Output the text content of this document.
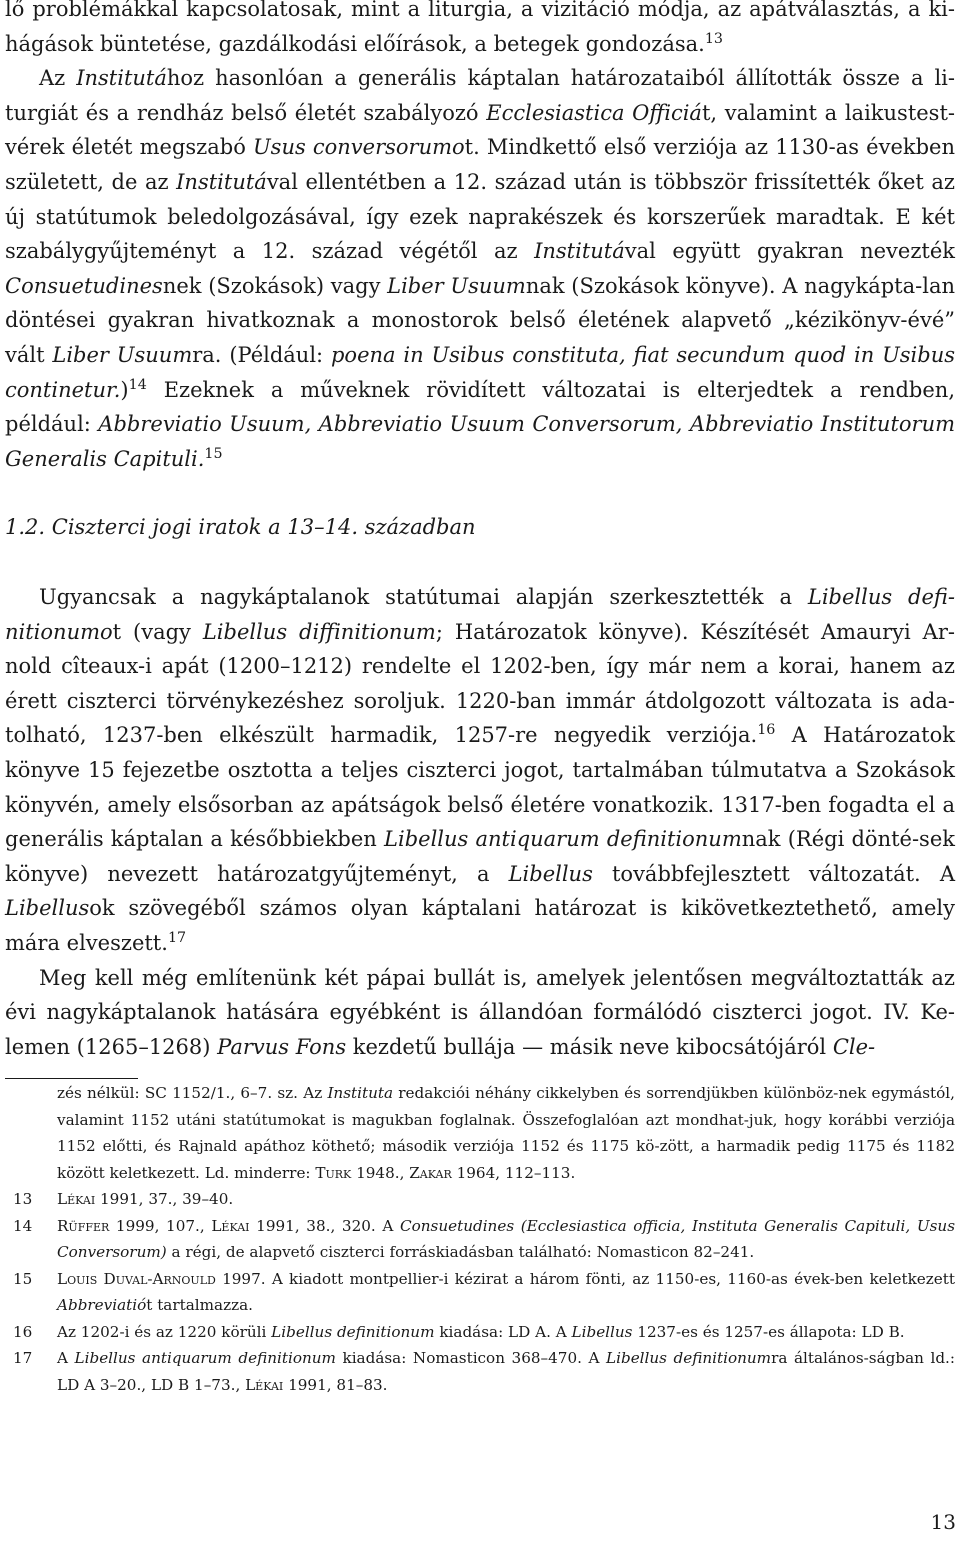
lő problémákkal kapcsolatosak, mint a liturgia, a vizitáció módja, az apátválasztás, a ki-hágások büntetése, gazdálkodási előírások, a betegek gondozása.$^{13}$

Az Institutához hasonlóan a generális káptalan határozataiból állították össze a li-turgiát és a rendház belső életét szabályozó Ecclesiastica Officiát, valamint a laikustest-vérek életét megszabó Usus conversorumot. Mindkettő első verziója az 1130-as években született, de az Institutával ellentétben a 12. század után is többször frissítették őket az új statútumok beledolgozásával, így ezek naprakészek és korszerűek maradtak. E két szabálygyűjteményt a 12. század végétől az Institutával együtt gyakran nevezték Consuetudinesnek (Szokások) vagy Liber Usuumnak (Szokások könyve). A nagykápta-lan döntései gyakran hivatkoznak a monostorok belső életének alapvető „kézikönyv-évé” vált Liber Usuumra. (Például: poena in Usibus constituta, fiat secundum quod in Usibus continetur.)$^{14}$ Ezeknek a műveknek rövidített változatai is elterjedtek a rendben, például: Abbreviatio Usuum, Abbreviatio Usuum Conversorum, Abbreviatio Institutorum Generalis Capituli.$^{15}$

1.2. Ciszterci jogi iratok a 13–14. században

Ugyancsak a nagykáptalanok statútumai alapján szerkesztették a Libellus defi-nitionumot (vagy Libellus diffinitionum; Határozatok könyve). Készítését Amauryi Ar-nold cîteaux-i apát (1200–1212) rendelte el 1202-ben, így már nem a korai, hanem az érett ciszterci törvénykezéshez soroljuk. 1220-ban immár átdolgozott változata is ada-tolható, 1237-ben elkészült harmadik, 1257-re negyedik verziója.$^{16}$ A Határozatok könyve 15 fejezetbe osztotta a teljes ciszterci jogot, tartalmában túlmutatva a Szokások könyvén, amely elsősorban az apátságok belső életére vonatkozik. 1317-ben fogadta el a generális káptalan a későbbiekben Libellus antiquarum definitionumnak (Régi dönté-sek könyve) nevezett határozatgyűjteményt, a Libellus továbbfejlesztett változatát. A Libellusok szövegéből számos olyan káptalani határozat is kikövetkeztethető, amely mára elveszett.$^{17}$

Meg kell még említenünk két pápai bullát is, amelyek jelentősen megváltoztatták az évi nagykáptalanok hatására egyébként is állandóan formálódó ciszterci jogot. IV. Ke-lemen (1265–1268) Parvus Fons kezdetű bullája — másik neve kibocsátójáról Cle-

zés nélkül: SC 1152/1., 6–7. sz. Az Instituta redakciói néhány cikkelyben és sorrendjükben különböz-nek egymástól, valamint 1152 utáni statútumokat is magukban foglalnak. Összefoglalóan azt mondhat-juk, hogy korábbi verziója 1152 előtti, és Rajnald apáthoz köthető; második verziója 1152 és 1175 kö-zött, a harmadik pedig 1175 és 1182 között keletkezett. Ld. minderre: Turk 1948., Zakar 1964, 112–113.

13	Lékai 1991, 37., 39–40.
14	Rüffer 1999, 107., Lékai 1991, 38., 320. A Consuetudines (Ecclesiastica officia, Instituta Generalis Capituli, Usus Conversorum) a régi, de alapvető ciszterci forráskiadásban található: Nomasticon 82–241.
15	Louis Duval-Arnould 1997. A kiadott montpellier-i kézirat a három fönti, az 1150-es, 1160-as évek-ben keletkezett Abbreviatiót tartalmazza.
16	Az 1202-i és az 1220 körüli Libellus definitionum kiadása: LD A. A Libellus 1237-es és 1257-es állapota: LD B.
17	A Libellus antiquarum definitionum kiadása: Nomasticon 368–470. A Libellus definitionumra általános-ságban ld.: LD A 3–20., LD B 1–73., Lékai 1991, 81–83.
13
